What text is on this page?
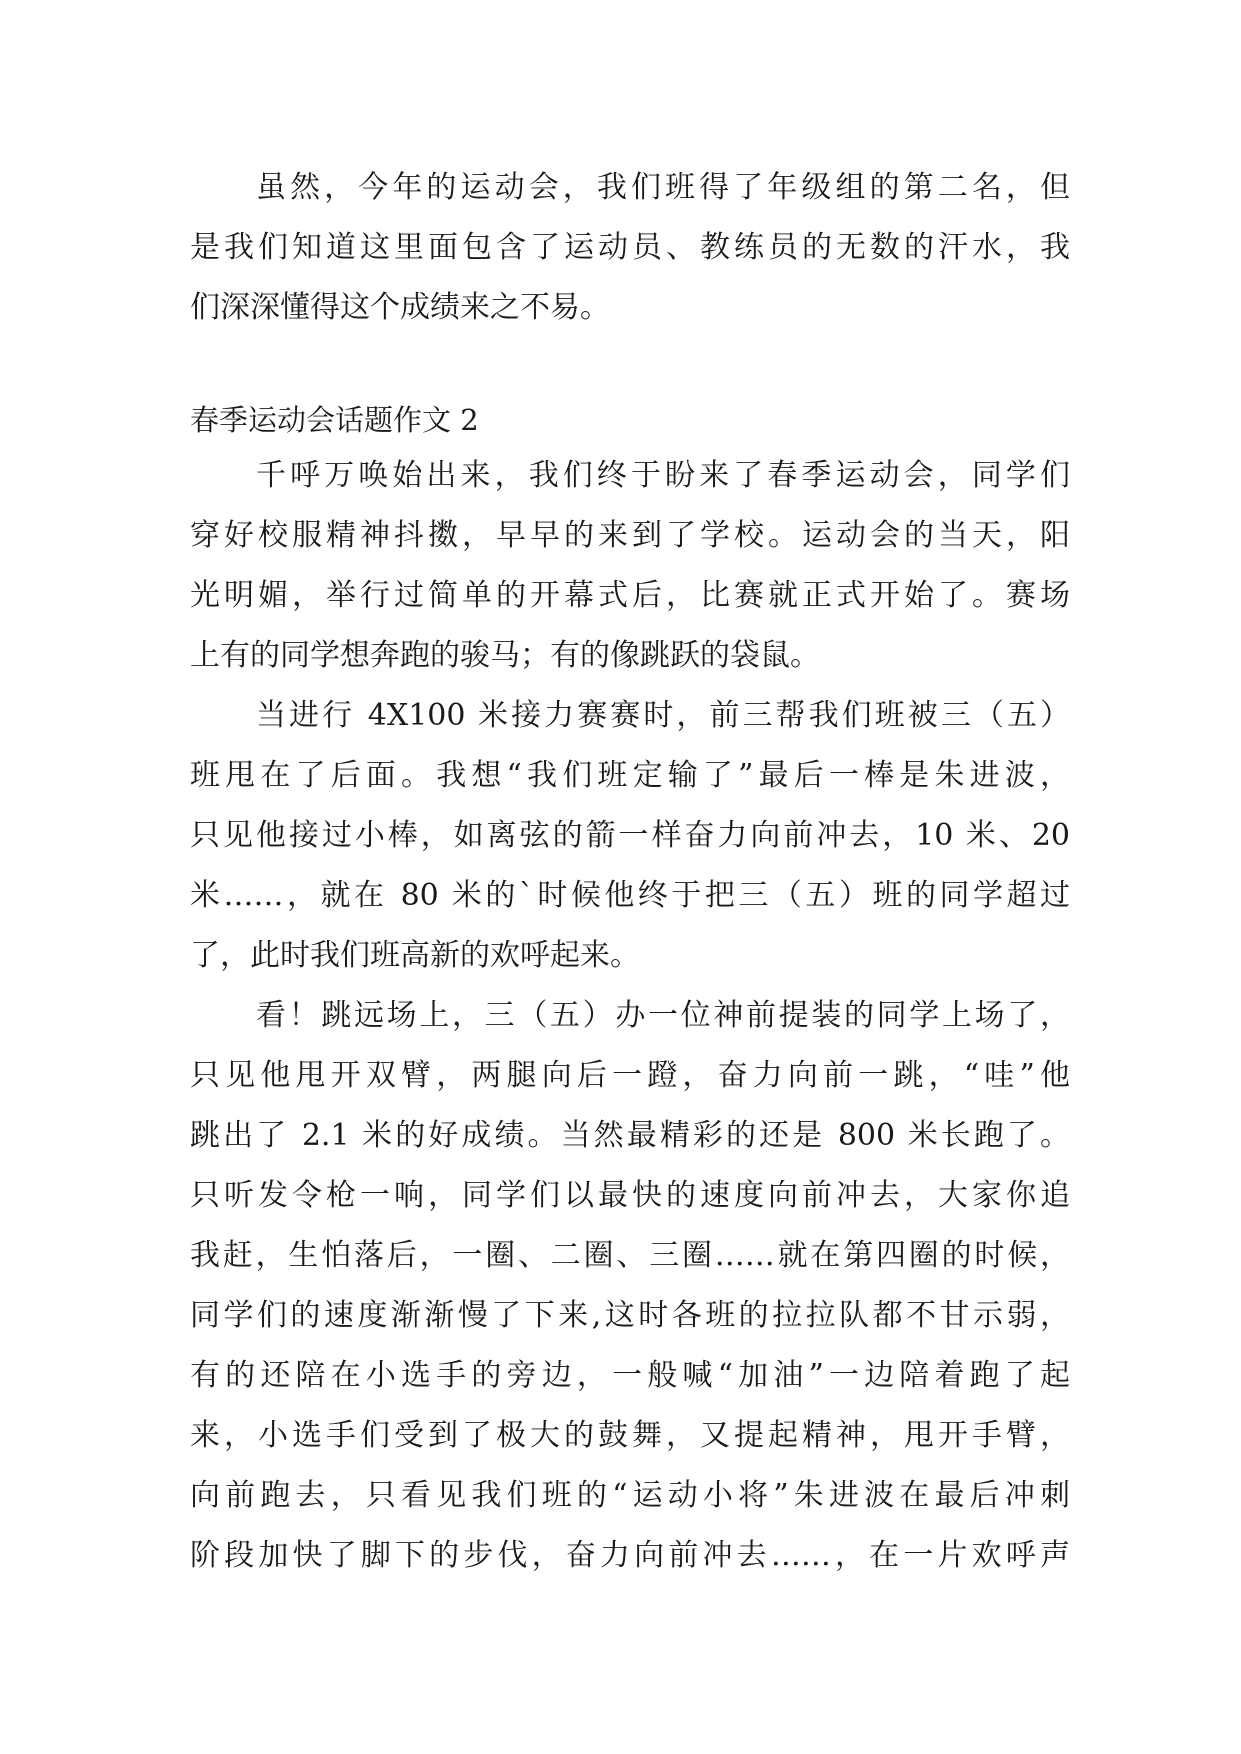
虽然，今年的运动会，我们班得了年级组的第二名，但
是我们知道这里面包含了运动员、教练员的无数的汗水，我
们深深懂得这个成绩来之不易。
春季运动会话题作文 2
千呼万唤始出来，我们终于盼来了春季运动会，同学们
穿好校服精神抖擞，早早的来到了学校。运动会的当天，阳
光明媚，举行过简单的开幕式后，比赛就正式开始了。赛场
上有的同学想奔跑的骏马；有的像跳跃的袋鼠。
当进行 4X100 米接力赛赛时，前三帮我们班被三（五）
班甩在了后面。我想“我们班定输了”最后一棒是朱进波，
只见他接过小棒，如离弦的箭一样奋力向前冲去，10 米、20
米……，就在 80 米的`时候他终于把三（五）班的同学超过
了，此时我们班高新的欢呼起来。
看！跳远场上，三（五）办一位神前提装的同学上场了，
只见他甩开双臂，两腿向后一蹬，奋力向前一跳，“哇”他
跳出了 2.1 米的好成绩。当然最精彩的还是 800 米长跑了。
只听发令枪一响，同学们以最快的速度向前冲去，大家你追
我赶，生怕落后，一圈、二圈、三圈……就在第四圈的时候，
同学们的速度渐渐慢了下来,这时各班的拉拉队都不甘示弱，
有的还陪在小选手的旁边，一般喊“加油”一边陪着跑了起
来，小选手们受到了极大的鼓舞，又提起精神，甩开手臂，
向前跑去，只看见我们班的“运动小将”朱进波在最后冲刺
阶段加快了脚下的步伐，奋力向前冲去……，在一片欢呼声
